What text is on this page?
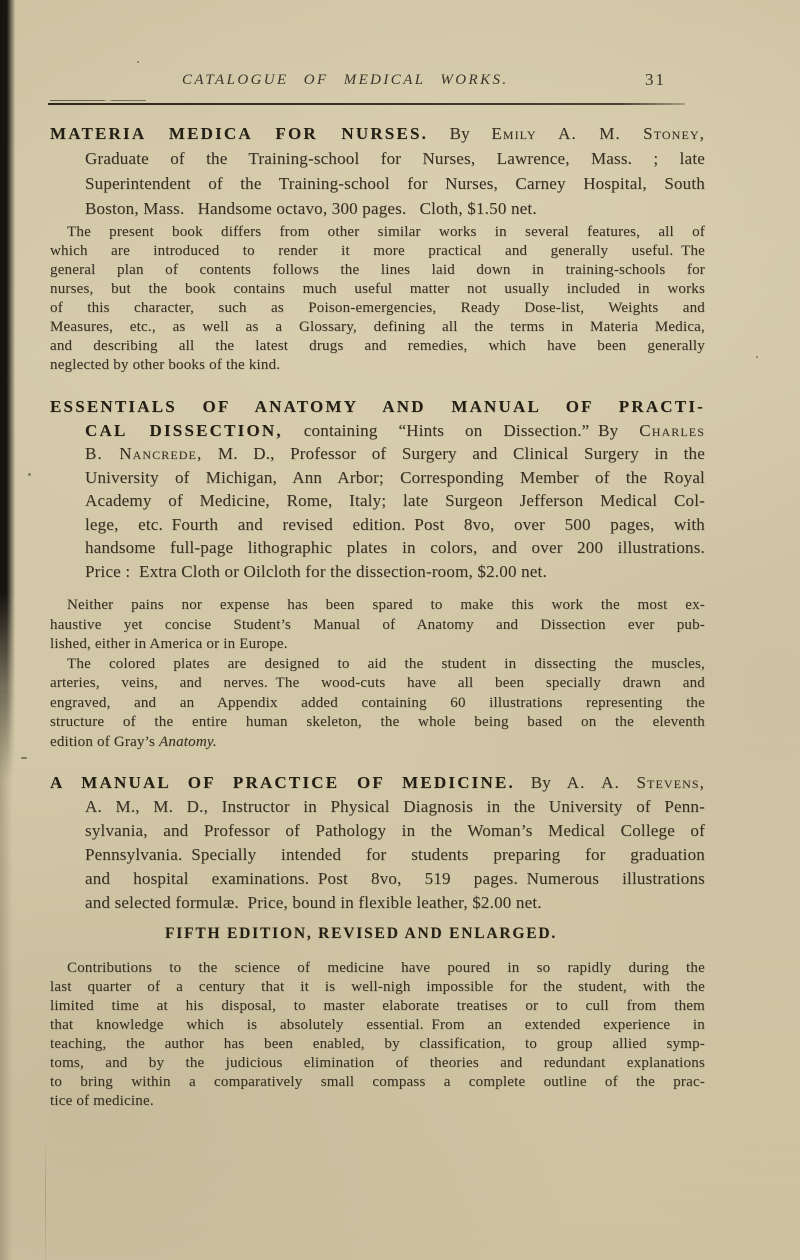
CATALOGUE OF MEDICAL WORKS.	31
MATERIA MEDICA FOR NURSES. By Emily A. M. Stoney,
Graduate of the Training-school for Nurses, Lawrence, Mass. ; late
Superintendent of the Training-school for Nurses, Carney Hospital, South
Boston, Mass.  Handsome octavo, 300 pages.  Cloth, $1.50 net.
The present book differs from other similar works in several features, all of
which are introduced to render it more practical and generally useful. The
general plan of contents follows the lines laid down in training-schools for
nurses, but the book contains much useful matter not usually included in works
of this character, such as Poison-emergencies, Ready Dose-list, Weights and
Measures, etc., as well as a Glossary, defining all the terms in Materia Medica,
and describing all the latest drugs and remedies, which have been generally
neglected by other books of the kind.
ESSENTIALS OF ANATOMY AND MANUAL OF PRACTI-
CAL DISSECTION, containing “Hints on Dissection.” By Charles
B. Nancrede, M. D., Professor of Surgery and Clinical Surgery in the
University of Michigan, Ann Arbor; Corresponding Member of the Royal
Academy of Medicine, Rome, Italy; late Surgeon Jefferson Medical Col-
lege, etc. Fourth and revised edition. Post 8vo, over 500 pages, with
handsome full-page lithographic plates in colors, and over 200 illustrations.
Price : Extra Cloth or Oilcloth for the dissection-room, $2.00 net.
Neither pains nor expense has been spared to make this work the most ex-
haustive yet concise Student’s Manual of Anatomy and Dissection ever pub-
lished, either in America or in Europe.
The colored plates are designed to aid the student in dissecting the muscles,
arteries, veins, and nerves. The wood-cuts have all been specially drawn and
engraved, and an Appendix added containing 60 illustrations representing the
structure of the entire human skeleton, the whole being based on the eleventh
edition of Gray’s Anatomy.
A MANUAL OF PRACTICE OF MEDICINE. By A. A. Stevens,
A. M., M. D., Instructor in Physical Diagnosis in the University of Penn-
sylvania, and Professor of Pathology in the Woman’s Medical College of
Pennsylvania. Specially intended for students preparing for graduation
and hospital examinations. Post 8vo, 519 pages. Numerous illustrations
and selected formulæ. Price, bound in flexible leather, $2.00 net.
FIFTH EDITION, REVISED AND ENLARGED.
Contributions to the science of medicine have poured in so rapidly during the
last quarter of a century that it is well-nigh impossible for the student, with the
limited time at his disposal, to master elaborate treatises or to cull from them
that knowledge which is absolutely essential. From an extended experience in
teaching, the author has been enabled, by classification, to group allied symp-
toms, and by the judicious elimination of theories and redundant explanations
to bring within a comparatively small compass a complete outline of the prac-
tice of medicine.
